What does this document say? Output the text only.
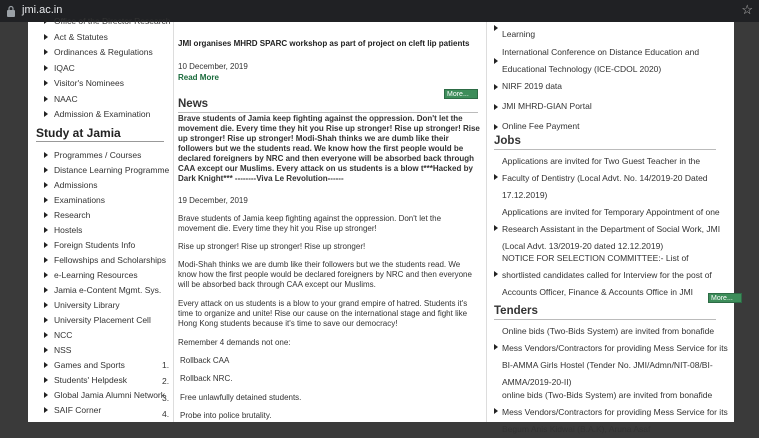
jmi.ac.in	☆
Office of the Director Research
Act & Statutes
Ordinances & Regulations
IQAC
Visitor's Nominees
NAAC
Admission & Examination
Study at Jamia
Programmes / Courses
Distance Learning Programme
Admissions
Examinations
Research
Hostels
Foreign Students Info
Fellowships and Scholarships
e-Learning Resources
Jamia e-Content Mgmt. Sys.
University Library
University Placement Cell
NCC
NSS
Games and Sports
Students' Helpdesk
Global Jamia Alumni Network
SAIF Corner
1.
2.
3.
4.
JMI organises MHRD SPARC workshop as part of project on cleft lip patients
10 December, 2019
Read More
More...
News
Brave students of Jamia keep fighting against the oppression. Don't let the movement die. Every time they hit you Rise up stronger! Rise up stronger! Rise up stronger! Rise up stronger! Modi-Shah thinks we are dumb like their followers but we the students read. We know how the first people would be declared foreigners by NRC and then everyone will be absorbed back through CAA except our Muslims. Every attack on us students is a blow t***Hacked by Dark Knight*** --------Viva Le Revolution------
19 December, 2019
Brave students of Jamia keep fighting against the oppression. Don't let the movement die. Every time they hit you Rise up stronger!
Rise up stronger! Rise up stronger! Rise up stronger!
Modi-Shah thinks we are dumb like their followers but we the students read. We know how the first people would be declared foreigners by NRC and then everyone will be absorbed back through CAA except our Muslims.
Every attack on us students is a blow to your grand empire of hatred. Students it's time to organize and unite! Rise our cause on the international stage and fight like Hong Kong students because it's time to save our democracy!
Remember 4 demands not one:
Rollback CAA
Rollback NRC.
Free unlawfully detained students.
Probe into police brutality.
Learning
International Conference on Distance Education and Educational Technology (ICE-CDOL 2020)
NIRF 2019 data
JMI MHRD-GIAN Portal
Online Fee Payment
Jobs
Applications are invited for Two Guest Teacher in the Faculty of Dentistry (Local Advt. No. 14/2019-20 Dated 17.12.2019)
Applications are invited for Temporary Appointment of one Research Assistant in the Department of Social Work, JMI (Local Advt. 13/2019-20 dated 12.12.2019)
NOTICE FOR SELECTION COMMITTEE:- List of shortlisted candidates called for Interview for the post of Accounts Officer, Finance & Accounts Office in JMI
More...
Tenders
Online bids (Two-Bids System) are invited from bonafide Mess Vendors/Contractors for providing Mess Service for its BI-AMMA Girls Hostel (Tender No. JMI/Admn/NIT-08/BI-AMMA/2019-20-II)
online bids (Two-Bids System) are invited from bonafide Mess Vendors/Contractors for providing Mess Service for its Begum Anis Kidwai (B.A.K), Aruna Asaf
